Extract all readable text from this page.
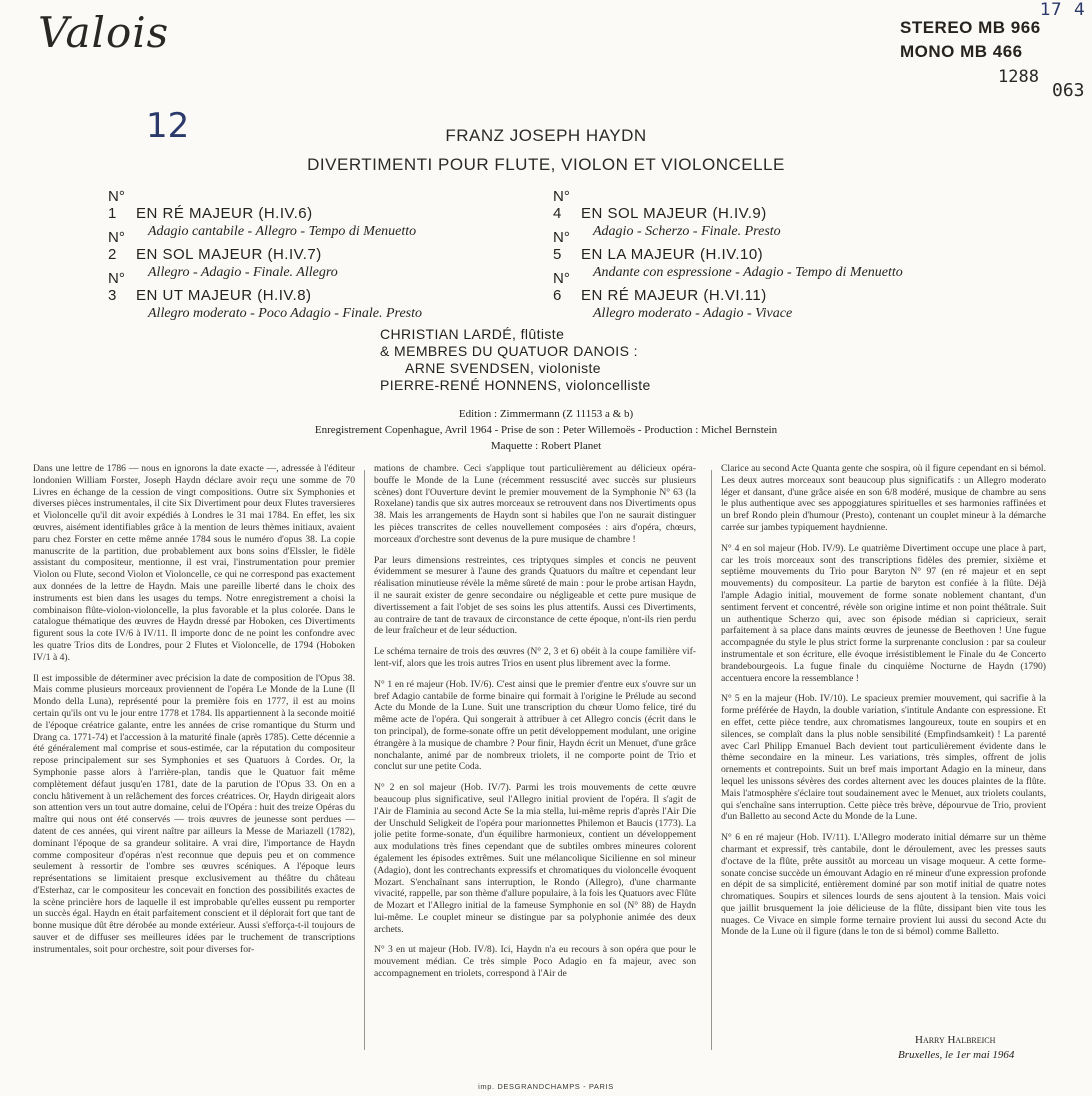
Valois	17 4
STEREO MB 966
MONO MB 466
1288
063
12	FRANZ JOSEPH HAYDN
DIVERTIMENTI POUR FLUTE, VIOLON ET VIOLONCELLE
N° 1 EN RÉ MAJEUR (H.IV.6)
Adagio cantabile - Allegro - Tempo di Menuetto
N° 2 EN SOL MAJEUR (H.IV.7)
Allegro - Adagio - Finale. Allegro
N° 3 EN UT MAJEUR (H.IV.8)
Allegro moderato - Poco Adagio - Finale. Presto
N° 4 EN SOL MAJEUR (H.IV.9)
Adagio - Scherzo - Finale. Presto
N° 5 EN LA MAJEUR (H.IV.10)
Andante con espressione - Adagio - Tempo di Menuetto
N° 6 EN RÉ MAJEUR (H.VI.11)
Allegro moderato - Adagio - Vivace
CHRISTIAN LARDÉ, flûtiste
& MEMBRES DU QUATUOR DANOIS :
ARNE SVENDSEN, violoniste
PIERRE-RENÉ HONNENS, violoncelliste
Edition : Zimmermann (Z 11153 a & b)
Enregistrement Copenhague, Avril 1964 - Prise de son : Peter Willemoës - Production : Michel Bernstein
Maquette : Robert Planet

Dans une lettre de 1786 — nous en ignorons la date exacte —, adressée à l'éditeur londonien William Forster, Joseph Haydn déclare avoir reçu une somme de 70 Livres en échange de la cession de vingt compositions. Outre six Symphonies et diverses pièces instrumentales, il cite Six Divertiment pour deux Flutes traversieres et Violoncelle qu'il dit avoir expédiés à Londres le 31 mai 1784. En effet, les six œuvres, aisément identifiables grâce à la mention de leurs thèmes initiaux, avaient paru chez Forster en cette même année 1784 sous le numéro d'opus 38. La copie manuscrite de la partition, due probablement aux bons soins d'Elssler, le fidèle assistant du compositeur, mentionne, il est vrai, l'instrumentation pour premier Violon ou Flute, second Violon et Violoncelle, ce qui ne correspond pas exactement aux données de la lettre de Haydn. Mais une pareille liberté dans le choix des instruments est bien dans les usages du temps. Notre enregistrement a choisi la combinaison flûte-violon-violoncelle, la plus favorable et la plus colorée. Dans le catalogue thématique des œuvres de Haydn dressé par Hoboken, ces Divertiments figurent sous la cote IV/6 à IV/11. Il importe donc de ne point les confondre avec les quatre Trios dits de Londres, pour 2 Flutes et Violoncelle, de 1794 (Hoboken IV/1 à 4).

Il est impossible de déterminer avec précision la date de composition de l'Opus 38. Mais comme plusieurs morceaux proviennent de l'opéra Le Monde de la Lune (Il Mondo della Luna), représenté pour la première fois en 1777, il est au moins certain qu'ils ont vu le jour entre 1778 et 1784. Ils appartiennent à la seconde moitié de l'époque créatrice galante, entre les années de crise romantique du Sturm und Drang ca. 1771-74) et l'accession à la maturité finale (après 1785). Cette décennie a été généralement mal comprise et sous-estimée, car la réputation du compositeur repose principalement sur ses Symphonies et ses Quatuors à Cordes. Or, la Symphonie passe alors à l'arrière-plan, tandis que le Quatuor fait même complètement défaut jusqu'en 1781, date de la parution de l'Opus 33. On en a conclu hâtivement à un relâchement des forces créatrices. Or, Haydn dirigeait alors son attention vers un tout autre domaine, celui de l'Opéra : huit des treize Opéras du maître qui nous ont été conservés — trois œuvres de jeunesse sont perdues — datent de ces années, qui virent naître par ailleurs la Messe de Mariazell (1782), dominant l'époque de sa grandeur solitaire. A vrai dire, l'importance de Haydn comme compositeur d'opéras n'est reconnue que depuis peu et on commence seulement à ressortir de l'ombre ses œuvres scéniques. A l'époque leurs représentations se limitaient presque exclusivement au théâtre du château d'Esterhaz, car le compositeur les concevait en fonction des possibilités exactes de la scène princière hors de laquelle il est improbable qu'elles eussent pu remporter un succès égal. Haydn en était parfaitement conscient et il déplorait fort que tant de bonne musique dût être dérobée au monde extérieur. Aussi s'efforça-t-il toujours de sauver et de diffuser ses meilleures idées par le truchement de transcriptions instrumentales, soit pour orchestre, soit pour diverses for-

mations de chambre. Ceci s'applique tout particulièrement au délicieux opéra-bouffe le Monde de la Lune (récemment ressuscité avec succès sur plusieurs scènes) dont l'Ouverture devint le premier mouvement de la Symphonie N° 63 (la Roxelane) tandis que six autres morceaux se retrouvent dans nos Divertiments opus 38. Mais les arrangements de Haydn sont si habiles que l'on ne saurait distinguer les pièces transcrites de celles nouvellement composées : airs d'opéra, chœurs, morceaux d'orchestre sont devenus de la pure musique de chambre !

Par leurs dimensions restreintes, ces triptyques simples et concis ne peuvent évidemment se mesurer à l'aune des grands Quatuors du maître et cependant leur réalisation minutieuse révèle la même sûreté de main : pour le probe artisan Haydn, il ne saurait exister de genre secondaire ou négligeable et cette pure musique de divertissement a fait l'objet de ses soins les plus attentifs. Aussi ces Divertiments, au contraire de tant de travaux de circonstance de cette époque, n'ont-ils rien perdu de leur fraîcheur et de leur séduction.

Le schéma ternaire de trois des œuvres (N° 2, 3 et 6) obéit à la coupe familière vif-lent-vif, alors que les trois autres Trios en usent plus librement avec la forme.

N° 1 en ré majeur (Hob. IV/6). C'est ainsi que le premier d'entre eux s'ouvre sur un bref Adagio cantabile de forme binaire qui formait à l'origine le Prélude au second Acte du Monde de la Lune. Suit une transcription du chœur Uomo felice, tiré du même acte de l'opéra. Qui songerait à attribuer à cet Allegro concis (écrit dans le ton principal), de forme-sonate offre un petit développement modulant, une origine étrangère à la musique de chambre ? Pour finir, Haydn écrit un Menuet, d'une grâce nonchalante, animé par de nombreux triolets, il ne comporte point de Trio et conclut sur une petite Coda.

N° 2 en sol majeur (Hob. IV/7). Parmi les trois mouvements de cette œuvre beaucoup plus significative, seul l'Allegro initial provient de l'opéra. Il s'agit de l'Air de Flaminia au second Acte Se la mia stella, lui-même repris d'après l'Air Die der Unschuld Seligkeit de l'opéra pour marionnettes Philemon et Baucis (1773). La jolie petite forme-sonate, d'un équilibre harmonieux, contient un développement aux modulations très fines cependant que de subtiles ombres mineures colorent également les épisodes extrêmes. Suit une mélancolique Sicilienne en sol mineur (Adagio), dont les contrechants expressifs et chromatiques du violoncelle évoquent Mozart. S'enchaînant sans interruption, le Rondo (Allegro), d'une charmante vivacité, rappelle, par son thème d'allure populaire, à la fois les Quatuors avec Flûte de Mozart et l'Allegro initial de la fameuse Symphonie en sol (N° 88) de Haydn lui-même. Le couplet mineur se distingue par sa polyphonie animée des deux archets.

N° 3 en ut majeur (Hob. IV/8). Ici, Haydn n'a eu recours à son opéra que pour le mouvement médian. Ce très simple Poco Adagio en fa majeur, avec son accompagnement en triolets, correspond à l'Air de

Clarice au second Acte Quanta gente che sospira, où il figure cependant en si bémol. Les deux autres morceaux sont beaucoup plus significatifs : un Allegro moderato léger et dansant, d'une grâce aisée en son 6/8 modéré, musique de chambre au sens le plus authentique avec ses appoggiatures spirituelles et ses harmonies raffinées et un bref Rondo plein d'humour (Presto), contenant un couplet mineur à la démarche carrée sur jambes typiquement haydnienne.

N° 4 en sol majeur (Hob. IV/9). Le quatrième Divertiment occupe une place à part, car les trois morceaux sont des transcriptions fidèles des premier, sixième et septième mouvements du Trio pour Baryton N° 97 (en ré majeur et en sept mouvements) du compositeur. La partie de baryton est confiée à la flûte. Déjà l'ample Adagio initial, mouvement de forme sonate noblement chantant, d'un sentiment fervent et concentré, révèle son origine intime et non point théâtrale. Suit un authentique Scherzo qui, avec son épisode médian si capricieux, serait parfaitement à sa place dans maints œuvres de jeunesse de Beethoven ! Une fugue accompagnée du style le plus strict forme la surprenante conclusion : par sa couleur instrumentale et son écriture, elle évoque irrésistiblement le Finale du 4e Concerto brandebourgeois. La fugue finale du cinquième Nocturne de Haydn (1790) accentuera encore la ressemblance !

N° 5 en la majeur (Hob. IV/10). Le spacieux premier mouvement, qui sacrifie à la forme préférée de Haydn, la double variation, s'intitule Andante con espressione. Et en effet, cette pièce tendre, aux chromatismes langoureux, toute en soupirs et en silences, se complaît dans la plus noble sensibilité (Empfindsamkeit) ! La parenté avec Carl Philipp Emanuel Bach devient tout particulièrement évidente dans le thème secondaire en la mineur. Les variations, très simples, offrent de jolis ornements et contrepoints. Suit un bref mais important Adagio en la mineur, dans lequel les unissons sévères des cordes alternent avec les douces plaintes de la flûte. Mais l'atmosphère s'éclaire tout soudainement avec le Menuet, aux triolets coulants, qui s'enchaîne sans interruption. Cette pièce très brève, dépourvue de Trio, provient d'un Balletto au second Acte du Monde de la Lune.

N° 6 en ré majeur (Hob. IV/11). L'Allegro moderato initial démarre sur un thème charmant et expressif, très cantabile, dont le déroulement, avec les presses sauts d'octave de la flûte, prête aussitôt au morceau un visage moqueur. A cette forme-sonate concise succède un émouvant Adagio en ré mineur d'une expression profonde en dépit de sa simplicité, entièrement dominé par son motif initial de quatre notes chromatiques. Soupirs et silences lourds de sens ajoutent à la tension. Mais voici que jaillit brusquement la joie délicieuse de la flûte, dissipant bien vite tous les nuages. Ce Vivace en simple forme ternaire provient lui aussi du second Acte du Monde de la Lune où il figure (dans le ton de si bémol) comme Balletto.

Harry Halbreich
Bruxelles, le 1er mai 1964
imp. DESGRANDCHAMPS - PARIS
